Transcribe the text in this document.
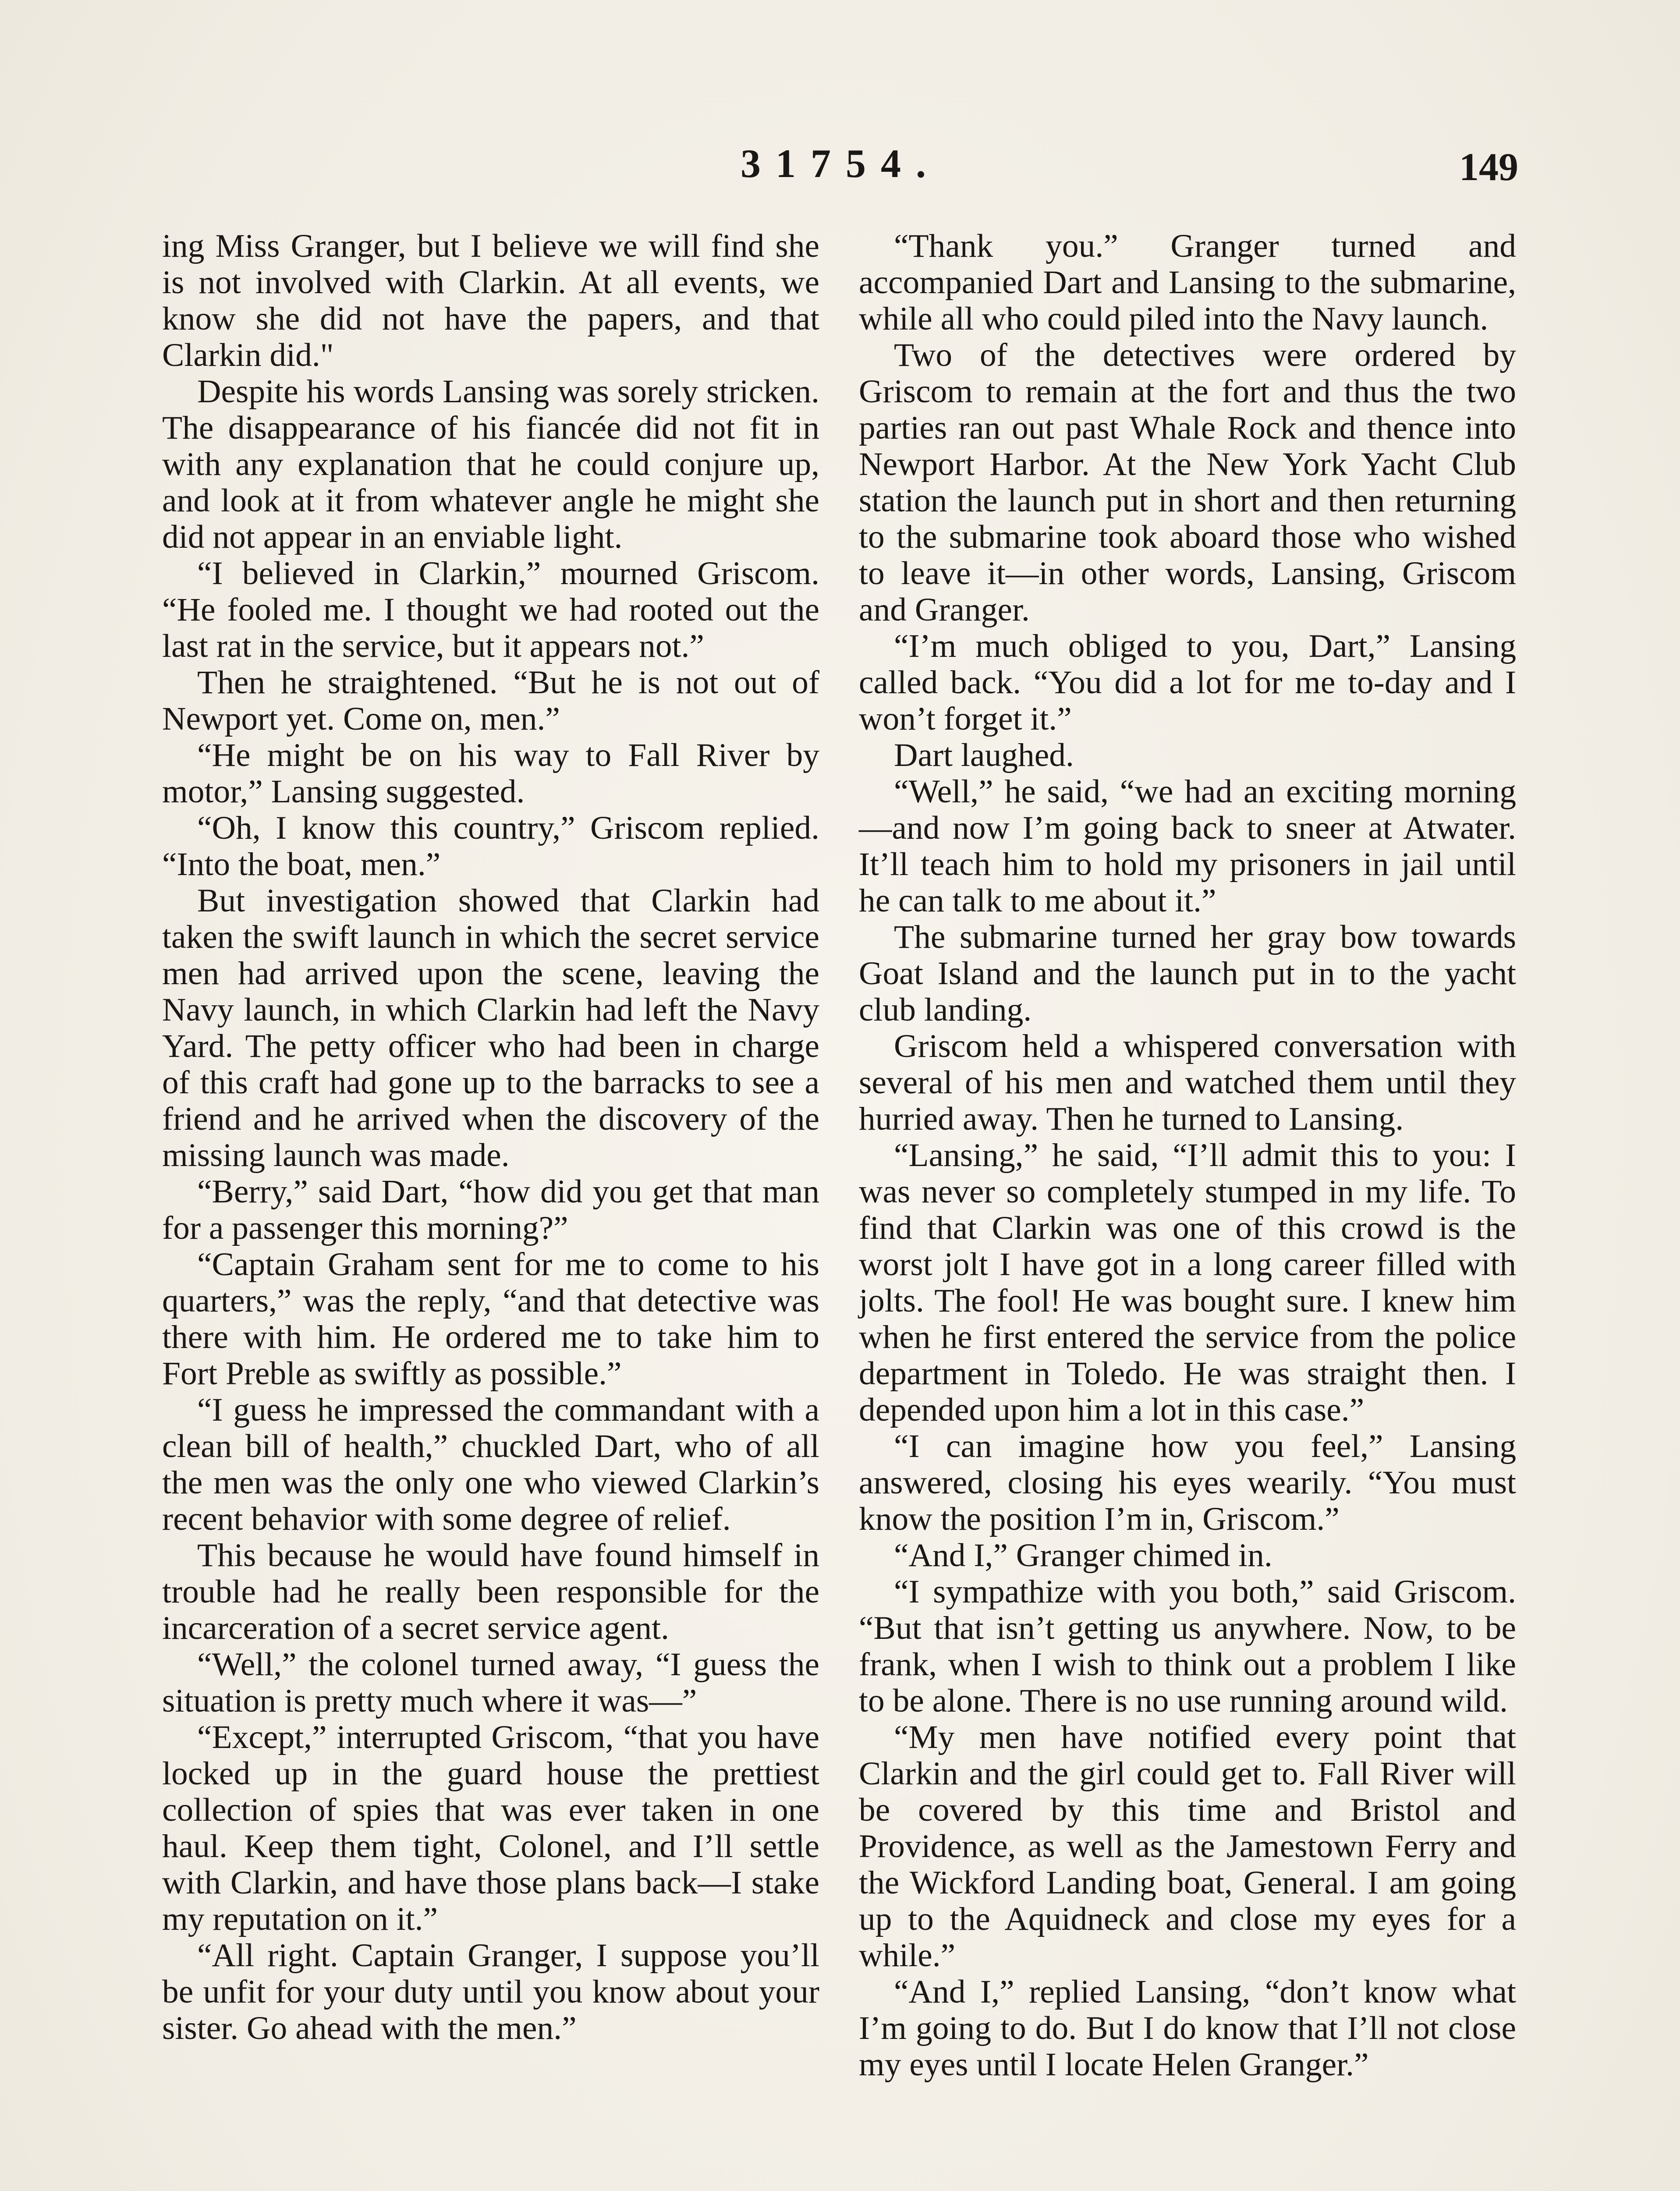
31754.	149

ing Miss Granger, but I believe we will find she is not involved with Clarkin. At all events, we know she did not have the papers, and that Clarkin did."

Despite his words Lansing was sorely stricken. The disappearance of his fiancée did not fit in with any explanation that he could conjure up, and look at it from whatever angle he might she did not appear in an enviable light.

“I believed in Clarkin,” mourned Griscom. “He fooled me. I thought we had rooted out the last rat in the service, but it appears not.”

Then he straightened. “But he is not out of Newport yet. Come on, men.”

“He might be on his way to Fall River by motor,” Lansing suggested.

“Oh, I know this country,” Griscom replied. “Into the boat, men.”

But investigation showed that Clarkin had taken the swift launch in which the secret service men had arrived upon the scene, leaving the Navy launch, in which Clarkin had left the Navy Yard. The petty officer who had been in charge of this craft had gone up to the barracks to see a friend and he arrived when the discovery of the missing launch was made.

“Berry,” said Dart, “how did you get that man for a passenger this morning?”

“Captain Graham sent for me to come to his quarters,” was the reply, “and that detective was there with him. He ordered me to take him to Fort Preble as swiftly as possible.”

“I guess he impressed the commandant with a clean bill of health,” chuckled Dart, who of all the men was the only one who viewed Clarkin’s recent behavior with some degree of relief.

This because he would have found himself in trouble had he really been responsible for the incarceration of a secret service agent.

“Well,” the colonel turned away, “I guess the situation is pretty much where it was—”

“Except,” interrupted Griscom, “that you have locked up in the guard house the prettiest collection of spies that was ever taken in one haul. Keep them tight, Colonel, and I’ll settle with Clarkin, and have those plans back—I stake my reputation on it.”

“All right. Captain Granger, I suppose you’ll be unfit for your duty until you know about your sister. Go ahead with the men.”

“Thank you.” Granger turned and accompanied Dart and Lansing to the submarine, while all who could piled into the Navy launch.

Two of the detectives were ordered by Griscom to remain at the fort and thus the two parties ran out past Whale Rock and thence into Newport Harbor. At the New York Yacht Club station the launch put in short and then returning to the submarine took aboard those who wished to leave it—in other words, Lansing, Griscom and Granger.

“I’m much obliged to you, Dart,” Lansing called back. “You did a lot for me to-day and I won’t forget it.”

Dart laughed.

“Well,” he said, “we had an exciting morning—and now I’m going back to sneer at Atwater. It’ll teach him to hold my prisoners in jail until he can talk to me about it.”

The submarine turned her gray bow towards Goat Island and the launch put in to the yacht club landing.

Griscom held a whispered conversation with several of his men and watched them until they hurried away. Then he turned to Lansing.

“Lansing,” he said, “I’ll admit this to you: I was never so completely stumped in my life. To find that Clarkin was one of this crowd is the worst jolt I have got in a long career filled with jolts. The fool! He was bought sure. I knew him when he first entered the service from the police department in Toledo. He was straight then. I depended upon him a lot in this case.”

“I can imagine how you feel,” Lansing answered, closing his eyes wearily. “You must know the position I’m in, Griscom.”

“And I,” Granger chimed in.

“I sympathize with you both,” said Griscom. “But that isn’t getting us anywhere. Now, to be frank, when I wish to think out a problem I like to be alone. There is no use running around wild.

“My men have notified every point that Clarkin and the girl could get to. Fall River will be covered by this time and Bristol and Providence, as well as the Jamestown Ferry and the Wickford Landing boat, General. I am going up to the Aquidneck and close my eyes for a while.”

“And I,” replied Lansing, “don’t know what I’m going to do. But I do know that I’ll not close my eyes until I locate Helen Granger.”
